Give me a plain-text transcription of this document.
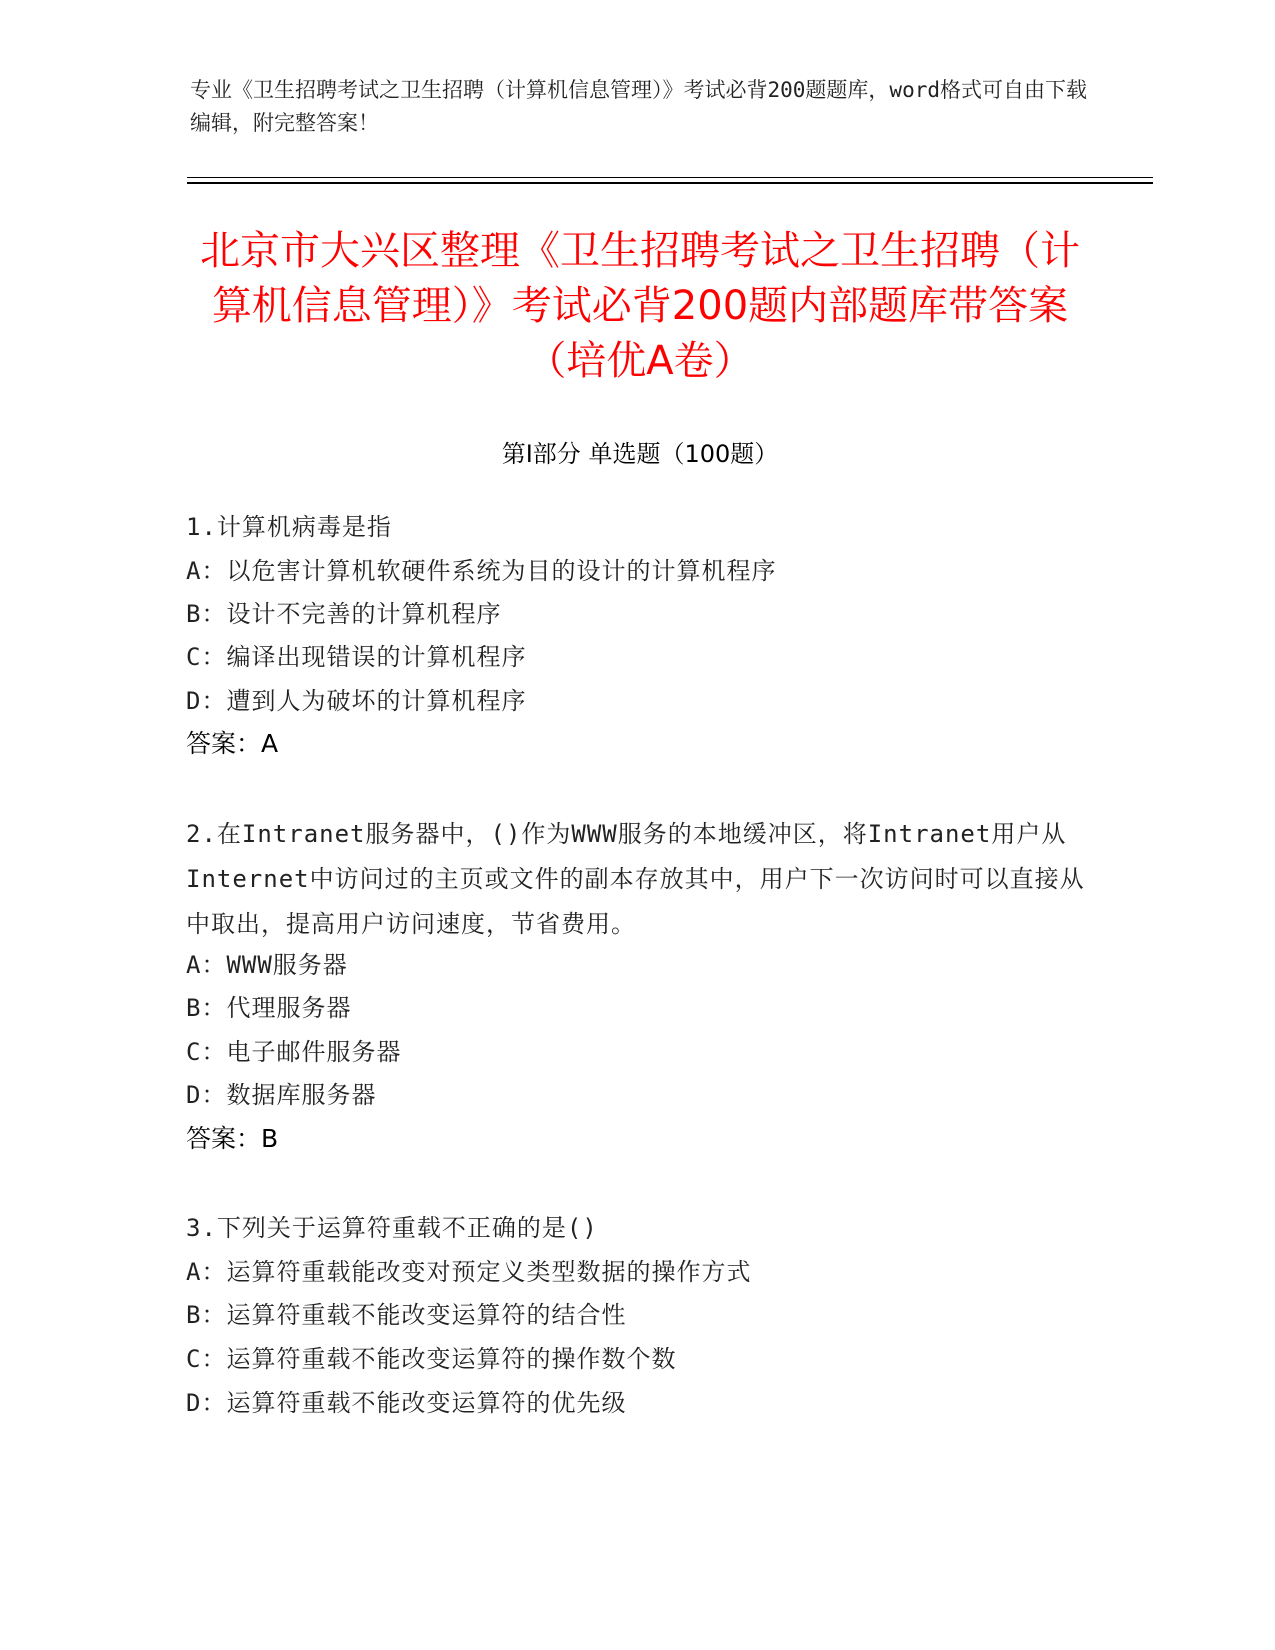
专业《卫生招聘考试之卫生招聘（计算机信息管理）》考试必背200题题库，word格式可自由下载编辑，附完整答案！
北京市大兴区整理《卫生招聘考试之卫生招聘（计算机信息管理）》考试必背200题内部题库带答案（培优A卷）
第I部分 单选题（100题）
1.计算机病毒是指
A：以危害计算机软硬件系统为目的设计的计算机程序
B：设计不完善的计算机程序
C：编译出现错误的计算机程序
D：遭到人为破坏的计算机程序
答案：A
2.在Intranet服务器中，()作为WWW服务的本地缓冲区，将Intranet用户从Internet中访问过的主页或文件的副本存放其中，用户下一次访问时可以直接从中取出，提高用户访问速度，节省费用。
A：WWW服务器
B：代理服务器
C：电子邮件服务器
D：数据库服务器
答案：B
3.下列关于运算符重载不正确的是()
A：运算符重载能改变对预定义类型数据的操作方式
B：运算符重载不能改变运算符的结合性
C：运算符重载不能改变运算符的操作数个数
D：运算符重载不能改变运算符的优先级
